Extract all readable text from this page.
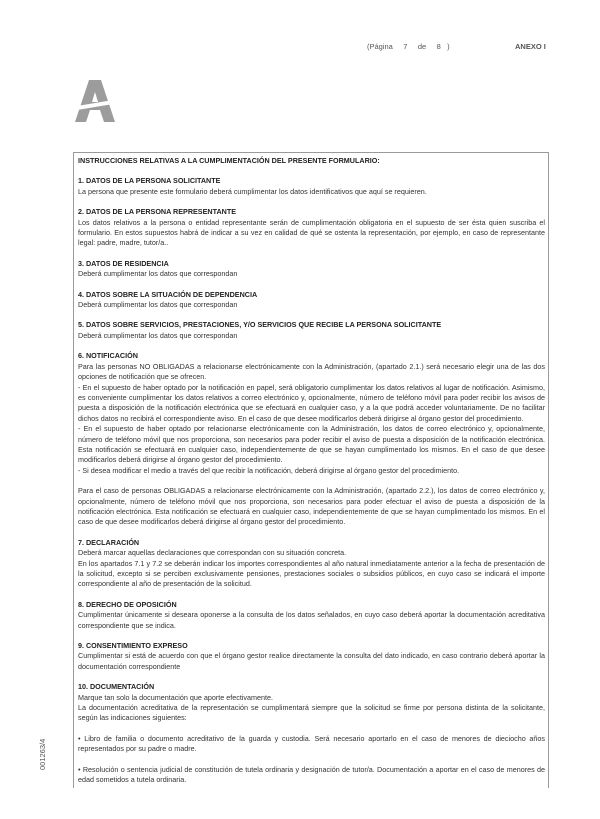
(Página 7 de 8 )	ANEXO I
INSTRUCCIONES RELATIVAS A LA CUMPLIMENTACIÓN DEL PRESENTE FORMULARIO:
1. DATOS DE LA PERSONA SOLICITANTE
La persona que presente este formulario deberá cumplimentar los datos identificativos que aquí se requieren.
2. DATOS DE LA PERSONA REPRESENTANTE
Los datos relativos a la persona o entidad representante serán de cumplimentación obligatoria en el supuesto de ser ésta quien suscriba el formulario. En estos supuestos habrá de indicar a su vez en calidad de qué se ostenta la representación, por ejemplo, en caso de representante legal: padre, madre, tutor/a..
3. DATOS DE RESIDENCIA
Deberá cumplimentar los datos que correspondan
4. DATOS SOBRE LA SITUACIÓN DE DEPENDENCIA
Deberá cumplimentar los datos que correspondan
5. DATOS SOBRE SERVICIOS, PRESTACIONES, Y/O SERVICIOS QUE RECIBE LA PERSONA SOLICITANTE
Deberá cumplimentar los datos que correspondan
6. NOTIFICACIÓN
Para las personas NO OBLIGADAS a relacionarse electrónicamente con la Administración, (apartado 2.1.) será necesario elegir una de las dos opciones de notificación que se ofrecen.
- En el supuesto de haber optado por la notificación en papel, será obligatorio cumplimentar los datos relativos al lugar de notificación. Asimismo, es conveniente cumplimentar los datos relativos a correo electrónico y, opcionalmente, número de teléfono móvil para poder recibir los avisos de puesta a disposición de la notificación electrónica que se efectuará en cualquier caso, y a la que podrá acceder voluntariamente. De no facilitar dichos datos no recibirá el correspondiente aviso. En el caso de que desee modificarlos deberá dirigirse al órgano gestor del procedimiento.
- En el supuesto de haber optado por relacionarse electrónicamente con la Administración, los datos de correo electrónico y, opcionalmente, número de teléfono móvil que nos proporciona, son necesarios para poder recibir el aviso de puesta a disposición de la notificación electrónica. Esta notificación se efectuará en cualquier caso, independientemente de que se hayan cumplimentado los mismos. En el caso de que desee modificarlos deberá dirigirse al órgano gestor del procedimiento.
- Si desea modificar el medio a través del que recibir la notificación, deberá dirigirse al órgano gestor del procedimiento.
Para el caso de personas OBLIGADAS a relacionarse electrónicamente con la Administración, (apartado 2.2.), los datos de correo electrónico y, opcionalmente, número de teléfono móvil que nos proporciona, son necesarios para poder efectuar el aviso de puesta a disposición de la notificación electrónica. Esta notificación se efectuará en cualquier caso, independientemente de que se hayan cumplimentado los mismos. En el caso de que desee modificarlos deberá dirigirse al órgano gestor del procedimiento.
7. DECLARACIÓN
Deberá marcar aquellas declaraciones que correspondan con su situación concreta.
En los apartados 7.1 y 7.2 se deberán indicar los importes correspondientes al año natural inmediatamente anterior a la fecha de presentación de la solicitud, excepto si se perciben exclusivamente pensiones, prestaciones sociales o subsidios públicos, en cuyo caso se indicará el importe correspondiente al año de presentación de la solicitud.
8. DERECHO DE OPOSICIÓN
Cumplimentar únicamente si deseara oponerse a la consulta de los datos señalados, en cuyo caso deberá aportar la documentación acreditativa correspondiente que se indica.
9. CONSENTIMIENTO EXPRESO
Cumplimentar si está de acuerdo con que el órgano gestor realice directamente la consulta del dato indicado, en caso contrario deberá aportar la documentación correspondiente
10. DOCUMENTACIÓN
Marque tan solo la documentación que aporte efectivamente.
La documentación acreditativa de la representación se cumplimentará siempre que la solicitud se firme por persona distinta de la solicitante, según las indicaciones siguientes:
• Libro de familia o documento acreditativo de la guarda y custodia. Será necesario aportarlo en el caso de menores de dieciocho años representados por su padre o madre.
• Resolución o sentencia judicial de constitución de tutela ordinaria y designación de tutor/a. Documentación a aportar en el caso de menores de edad sometidos a tutela ordinaria.
001263/4
